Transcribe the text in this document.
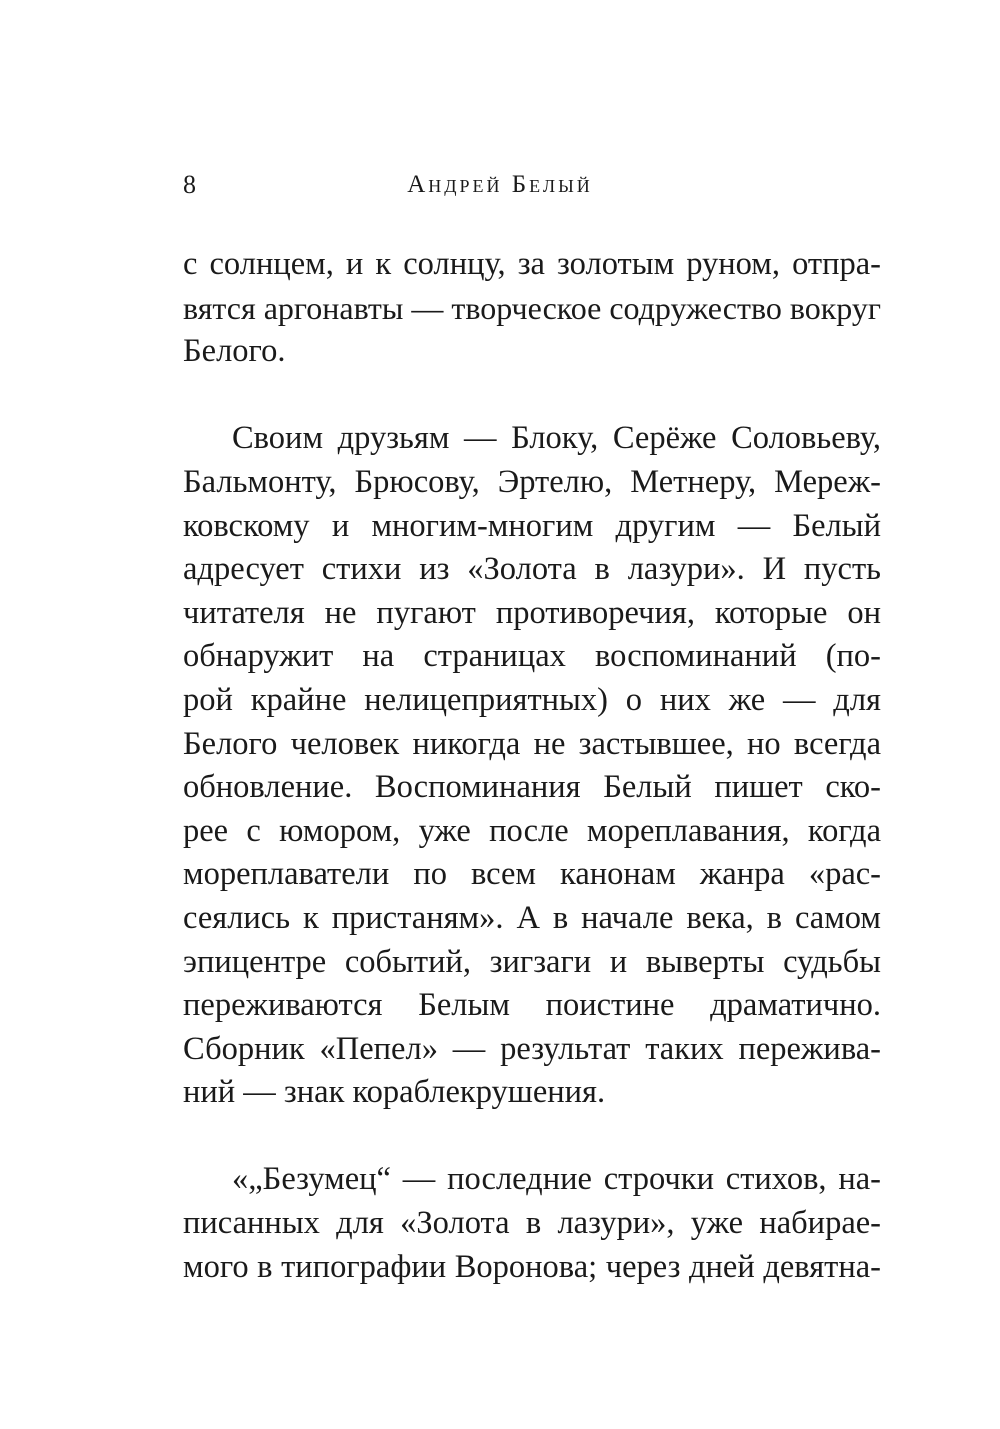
8	Андрей Белый
с солнцем, и к солнцу, за золотым руном, отпра-
вятся аргонавты — творческое содружество вокруг
Белого.
Своим друзьям — Блоку, Серёже Соловьеву,
Бальмонту, Брюсову, Эртелю, Метнеру, Мереж-
ковскому и многим-многим другим — Белый
адресует стихи из «Золота в лазури». И пусть
читателя не пугают противоречия, которые он
обнаружит на страницах воспоминаний (по-
рой крайне нелицеприятных) о них же — для
Белого человек никогда не застывшее, но всегда
обновление. Воспоминания Белый пишет ско-
рее с юмором, уже после мореплавания, когда
мореплаватели по всем канонам жанра «рас-
сеялись к пристаням». А в начале века, в самом
эпицентре событий, зигзаги и выверты судьбы
переживаются Белым поистине драматично.
Сборник «Пепел» — результат таких пережива-
ний — знак кораблекрушения.
«„Безумец“ — последние строчки стихов, на-
писанных для «Золота в лазури», уже набирае-
мого в типографии Воронова; через дней девятна-
